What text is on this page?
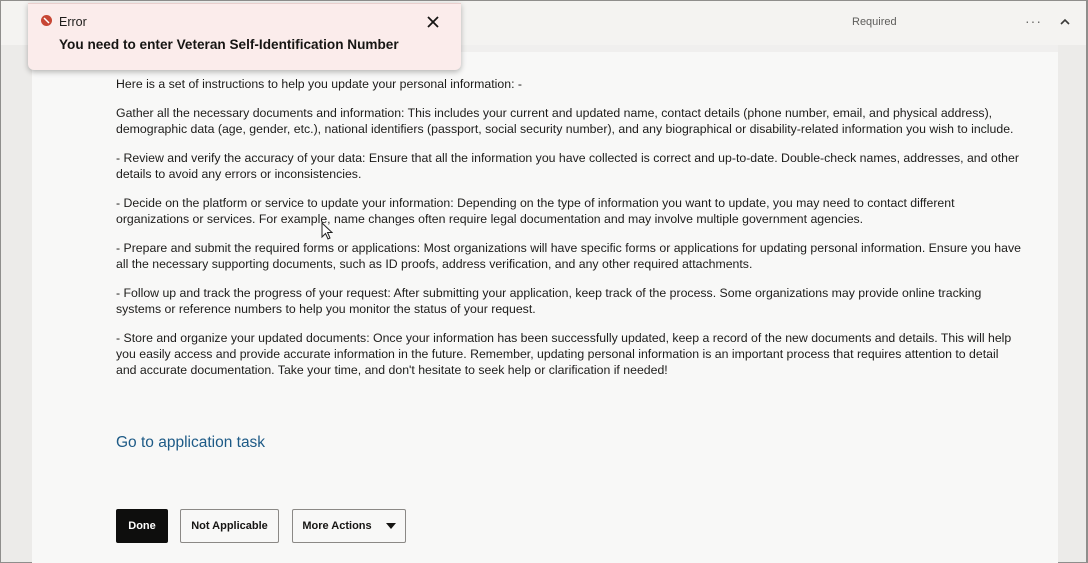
Required	···

Here is a set of instructions to help you update your personal information: -

Gather all the necessary documents and information: This includes your current and updated name, contact details (phone number, email, and physical address), demographic data (age, gender, etc.), national identifiers (passport, social security number), and any biographical or disability-related information you wish to include.

- Review and verify the accuracy of your data: Ensure that all the information you have collected is correct and up-to-date. Double-check names, addresses, and other details to avoid any errors or inconsistencies.

- Decide on the platform or service to update your information: Depending on the type of information you want to update, you may need to contact different organizations or services. For example, name changes often require legal documentation and may involve multiple government agencies.

- Prepare and submit the required forms or applications: Most organizations will have specific forms or applications for updating personal information. Ensure you have all the necessary supporting documents, such as ID proofs, address verification, and any other required attachments.

- Follow up and track the progress of your request: After submitting your application, keep track of the process. Some organizations may provide online tracking systems or reference numbers to help you monitor the status of your request.

- Store and organize your updated documents: Once your information has been successfully updated, keep a record of the new documents and details. This will help you easily access and provide accurate information in the future. Remember, updating personal information is an important process that requires attention to detail and accurate documentation. Take your time, and don't hesitate to seek help or clarification if needed!

Go to application task
Done	Not Applicable	More Actions
Error
You need to enter Veteran Self-Identification Number
